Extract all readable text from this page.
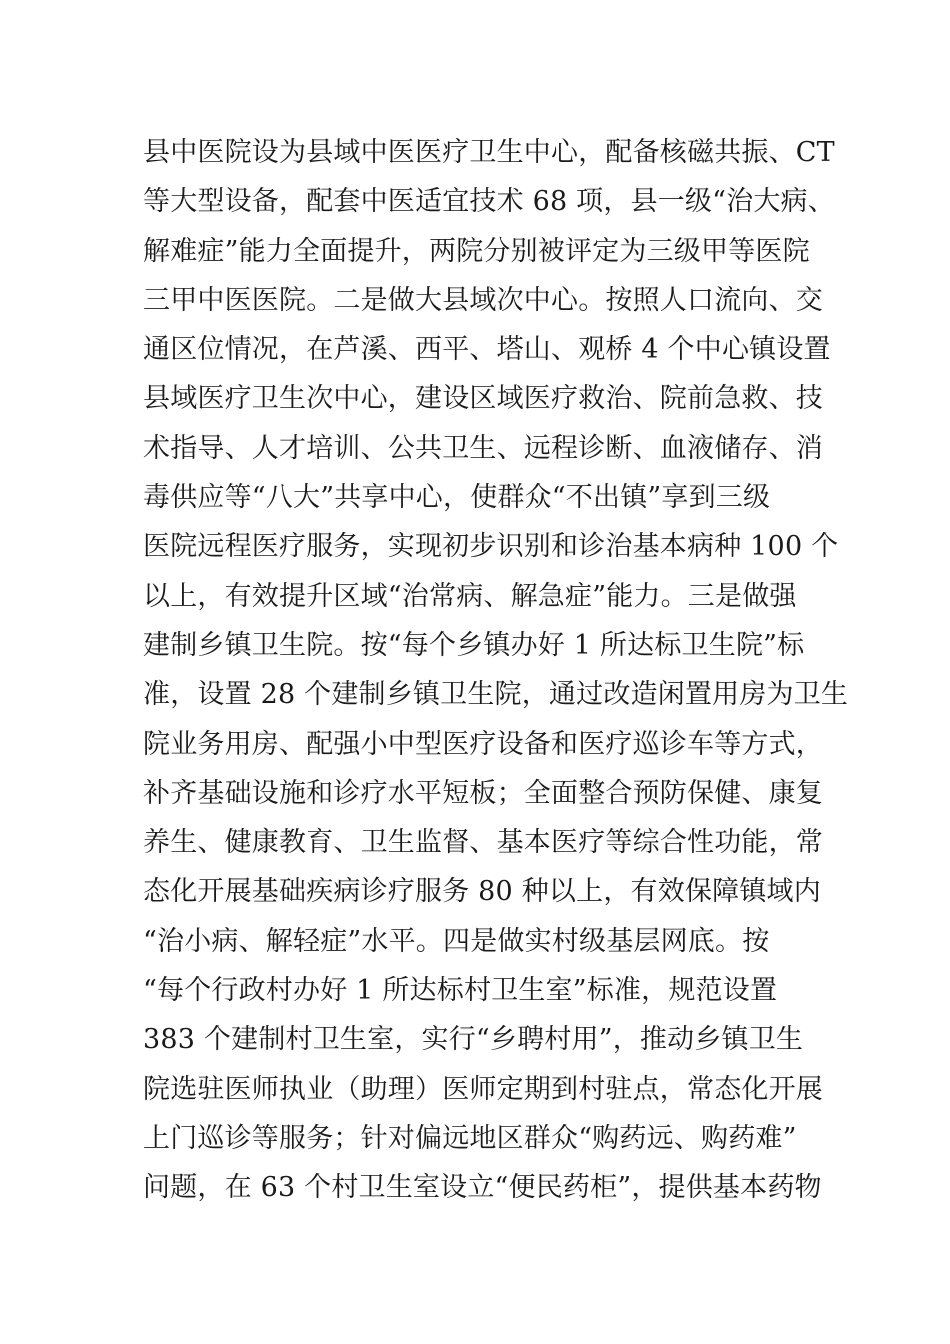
县中医院设为县域中医医疗卫生中心，配备核磁共振、CT
等大型设备，配套中医适宜技术 68 项，县一级“治大病、
解难症”能力全面提升，两院分别被评定为三级甲等医院
三甲中医医院。二是做大县域次中心。按照人口流向、交
通区位情况，在芦溪、西平、塔山、观桥 4 个中心镇设置
县域医疗卫生次中心，建设区域医疗救治、院前急救、技
术指导、人才培训、公共卫生、远程诊断、血液储存、消
毒供应等“八大”共享中心，使群众“不出镇”享到三级
医院远程医疗服务，实现初步识别和诊治基本病种 100 个
以上，有效提升区域“治常病、解急症”能力。三是做强
建制乡镇卫生院。按“每个乡镇办好 1 所达标卫生院”标
准，设置 28 个建制乡镇卫生院，通过改造闲置用房为卫生
院业务用房、配强小中型医疗设备和医疗巡诊车等方式，
补齐基础设施和诊疗水平短板；全面整合预防保健、康复
养生、健康教育、卫生监督、基本医疗等综合性功能，常
态化开展基础疾病诊疗服务 80 种以上，有效保障镇域内
“治小病、解轻症”水平。四是做实村级基层网底。按
“每个行政村办好 1 所达标村卫生室”标准，规范设置
383 个建制村卫生室，实行“乡聘村用”，推动乡镇卫生
院选驻医师执业（助理）医师定期到村驻点，常态化开展
上门巡诊等服务；针对偏远地区群众“购药远、购药难”
问题，在 63 个村卫生室设立“便民药柜”，提供基本药物
